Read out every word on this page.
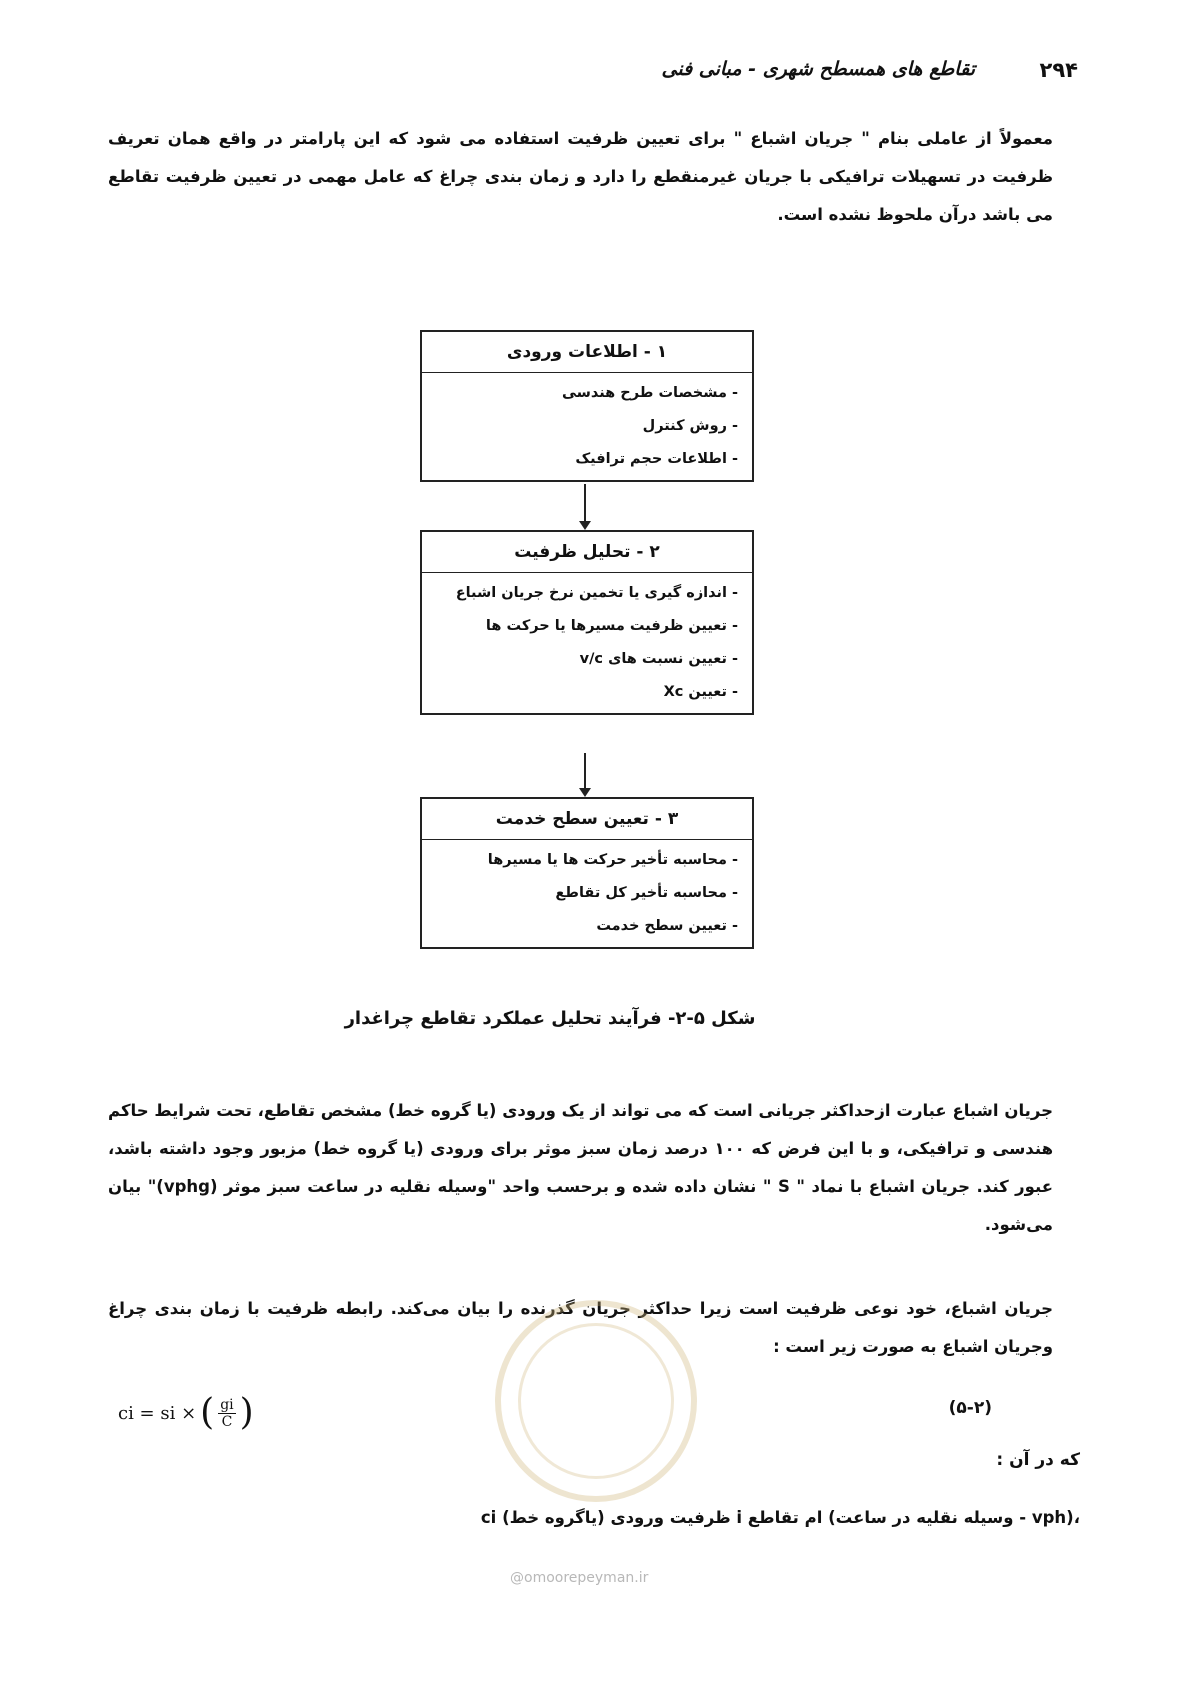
تقاطع های همسطح شهری - مبانی فنی	۲۹۴

معمولاً از عاملی بنام " جریان اشباع " برای تعیین ظرفیت استفاده می شود که این پارامتر در واقع همان تعریف ظرفیت در تسهیلات ترافیکی با جریان غیرمنقطع را دارد و زمان بندی چراغ که عامل مهمی در تعیین ظرفیت تقاطع می باشد درآن ملحوظ نشده است.

۱ - اطلاعات ورودی
- مشخصات طرح هندسی
- روش کنترل
- اطلاعات حجم ترافیک
۲ - تحلیل ظرفیت
- اندازه گیری یا تخمین نرخ جریان اشباع
- تعیین ظرفیت مسیرها یا حرکت ها
- تعیین نسبت های v/c
- تعیین Xc
۳ - تعیین سطح خدمت
- محاسبه تأخیر حرکت ها یا مسیرها
- محاسبه تأخیر کل تقاطع
- تعیین سطح خدمت
شکل ۵-۲- فرآیند تحلیل عملکرد تقاطع چراغدار

جریان اشباع عبارت ازحداکثر جریانی است که می تواند از یک ورودی (یا گروه خط) مشخص تقاطع، تحت شرایط حاکم هندسی و ترافیکی، و با این فرض که ۱۰۰ درصد زمان سبز موثر برای ورودی (یا گروه خط) مزبور وجود داشته باشد، عبور کند. جریان اشباع با نماد " S " نشان داده شده و برحسب واحد "وسیله نقلیه در ساعت سبز موثر (vphg)" بیان می‌شود.

جریان اشباع، خود نوعی ظرفیت است زیرا حداکثر جریان گذرنده را بیان می‌کند. رابطه ظرفیت با زمان بندی چراغ وجریان اشباع به صورت زیر است :

ci = si × ( $\frac{gi}{C}$ )	(۵-۲)
که در آن :
ci ظرفیت ورودی (یاگروه خط) i ام تقاطع (وسیله نقلیه در ساعت - vph)،
@omoorepeyman.ir
